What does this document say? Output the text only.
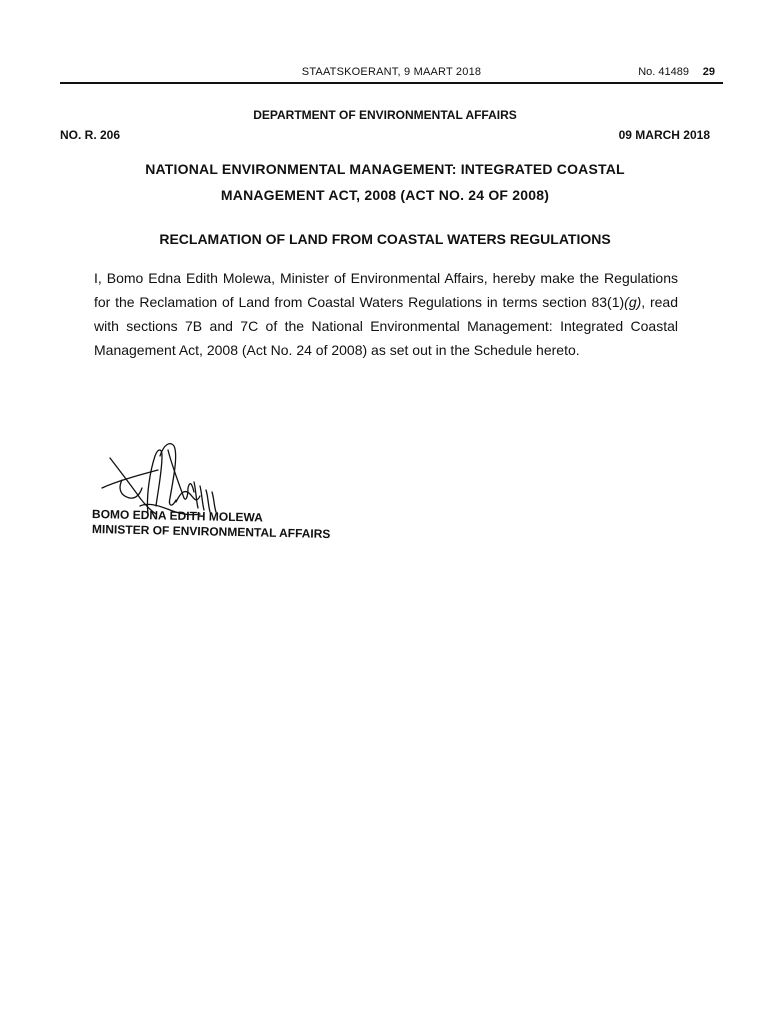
STAATSKOERANT, 9 MAART 2018	No. 41489 29
DEPARTMENT OF ENVIRONMENTAL AFFAIRS
NO. R. 206	09 MARCH 2018
NATIONAL ENVIRONMENTAL MANAGEMENT: INTEGRATED COASTAL
MANAGEMENT ACT, 2008 (ACT NO. 24 OF 2008)
RECLAMATION OF LAND FROM COASTAL WATERS REGULATIONS
I, Bomo Edna Edith Molewa, Minister of Environmental Affairs, hereby make the Regulations for the Reclamation of Land from Coastal Waters Regulations in terms section 83(1)(g), read with sections 7B and 7C of the National Environmental Management: Integrated Coastal Management Act, 2008 (Act No. 24 of 2008) as set out in the Schedule hereto.
BOMO EDNA EDITH MOLEWA
MINISTER OF ENVIRONMENTAL AFFAIRS
